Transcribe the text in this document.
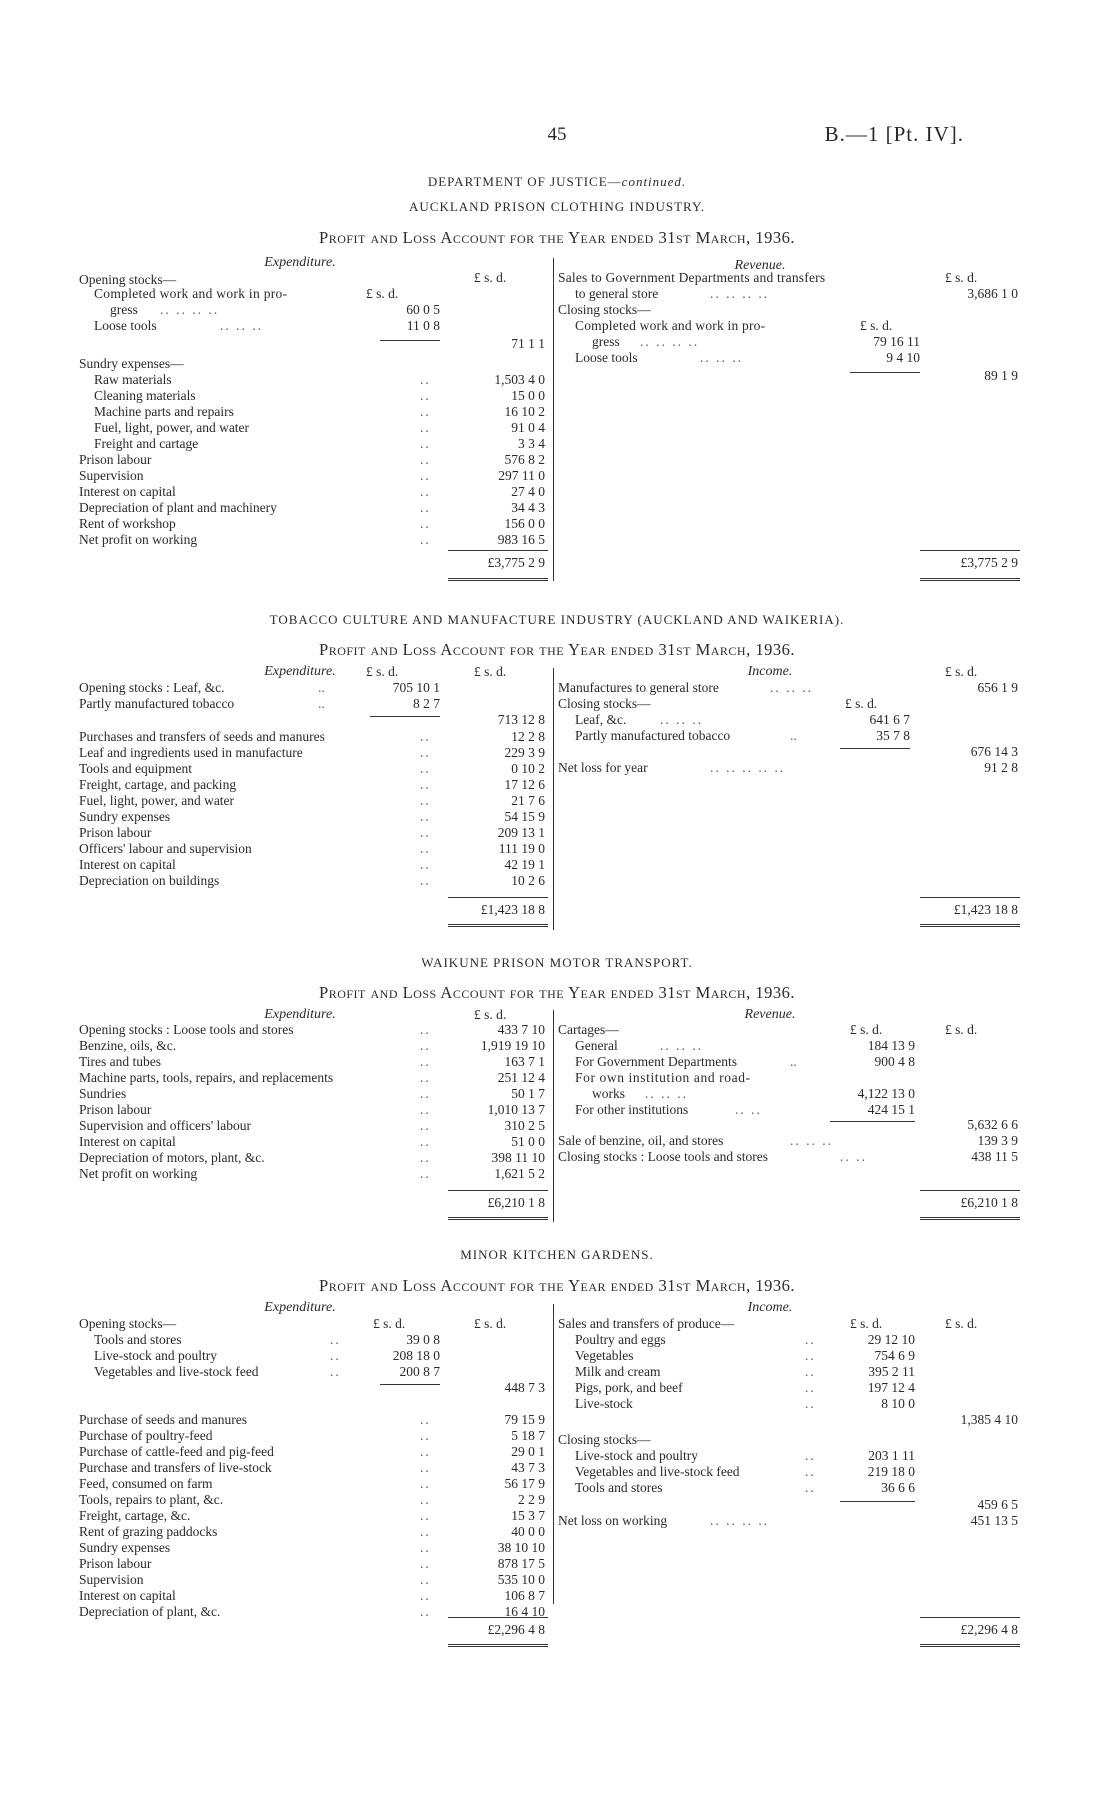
45	B.—1 [Pt. IV].
DEPARTMENT OF JUSTICE—continued.
AUCKLAND PRISON CLOTHING INDUSTRY.
Profit and Loss Account for the Year ended 31st March, 1936.
Expenditure.	Revenue.
£ s. d.
Opening stocks—
£ s. d.
Completed work and work in pro-
gress .. .. .. ..	60 0 5
Loose tools	.. .. ..	11 0 8
71 1 1
Sundry expenses—
Raw materials	..	1,503 4 0
Cleaning materials	..	15 0 0
Machine parts and repairs	..	16 10 2
Fuel, light, power, and water	..	91 0 4
Freight and cartage	..	3 3 4
Prison labour	..	576 8 2
Supervision	..	297 11 0
Interest on capital	..	27 4 0
Depreciation of plant and machinery	..	34 4 3
Rent of workshop	..	156 0 0
Net profit on working	..	983 16 5
£3,775 2 9
Sales to Government Departments and transfers	£ s. d.
to general store	.. .. .. ..	3,686 1 0
Closing stocks—
Completed work and work in pro-	£ s. d.
gress .. .. .. ..	79 16 11
Loose tools	.. .. ..	9 4 10
89 1 9
£3,775 2 9
TOBACCO CULTURE AND MANUFACTURE INDUSTRY (AUCKLAND AND WAIKERIA).
Profit and Loss Account for the Year ended 31st March, 1936.
Expenditure.	£ s. d.	£ s. d.	Income.	£ s. d.
Opening stocks : Leaf, &c.	..	705 10 1
Partly manufactured tobacco	..	8 2 7
713 12 8
Purchases and transfers of seeds and manures	..	12 2 8
Leaf and ingredients used in manufacture	..	229 3 9
Tools and equipment	..	0 10 2
Freight, cartage, and packing	..	17 12 6
Fuel, light, power, and water	..	21 7 6
Sundry expenses	..	54 15 9
Prison labour	..	209 13 1
Officers' labour and supervision	..	111 19 0
Interest on capital	..	42 19 1
Depreciation on buildings	..	10 2 6
£1,423 18 8
Manufactures to general store	.. .. ..	656 1 9
Closing stocks—	£ s. d.
Leaf, &c. .. .. ..	641 6 7
Partly manufactured tobacco	..	35 7 8
676 14 3
Net loss for year	.. .. .. .. ..	91 2 8
£1,423 18 8
WAIKUNE PRISON MOTOR TRANSPORT.
Profit and Loss Account for the Year ended 31st March, 1936.
Expenditure.	£ s. d.	Revenue.
£ s. d.	£ s. d.
Opening stocks : Loose tools and stores	..	433 7 10
Benzine, oils, &c.	..	1,919 19 10
Tires and tubes	..	163 7 1
Machine parts, tools, repairs, and replacements	..	251 12 4
Sundries	..	50 1 7
Prison labour	..	1,010 13 7
Supervision and officers' labour	..	310 2 5
Interest on capital	..	51 0 0
Depreciation of motors, plant, &c.	..	398 11 10
Net profit on working	..	1,621 5 2
£6,210 1 8
Cartages—
General	.. .. ..	184 13 9
For Government Departments	..	900 4 8
For own institution and road-
works .. .. ..	4,122 13 0
For other institutions	.. ..	424 15 1
5,632 6 6
Sale of benzine, oil, and stores	.. .. ..	139 3 9
Closing stocks : Loose tools and stores	.. ..	438 11 5
£6,210 1 8
MINOR KITCHEN GARDENS.
Profit and Loss Account for the Year ended 31st March, 1936.
Expenditure.	Income.
Opening stocks—	£ s. d.	£ s. d.
Tools and stores	..	39 0 8
Live-stock and poultry	..	208 18 0
Vegetables and live-stock feed	..	200 8 7
448 7 3
Purchase of seeds and manures	..	79 15 9
Purchase of poultry-feed	..	5 18 7
Purchase of cattle-feed and pig-feed	..	29 0 1
Purchase and transfers of live-stock	..	43 7 3
Feed, consumed on farm	..	56 17 9
Tools, repairs to plant, &c.	..	2 2 9
Freight, cartage, &c.	..	15 3 7
Rent of grazing paddocks	..	40 0 0
Sundry expenses	..	38 10 10
Prison labour	..	878 17 5
Supervision	..	535 10 0
Interest on capital	..	106 8 7
Depreciation of plant, &c.	..	16 4 10
£2,296 4 8
Sales and transfers of produce—	£ s. d.	£ s. d.
Poultry and eggs	..	29 12 10
Vegetables	..	754 6 9
Milk and cream	..	395 2 11
Pigs, pork, and beef	..	197 12 4
Live-stock	..	8 10 0
1,385 4 10
Closing stocks—
Live-stock and poultry	..	203 1 11
Vegetables and live-stock feed	..	219 18 0
Tools and stores	..	36 6 6
459 6 5
Net loss on working	.. .. .. ..	451 13 5
£2,296 4 8
